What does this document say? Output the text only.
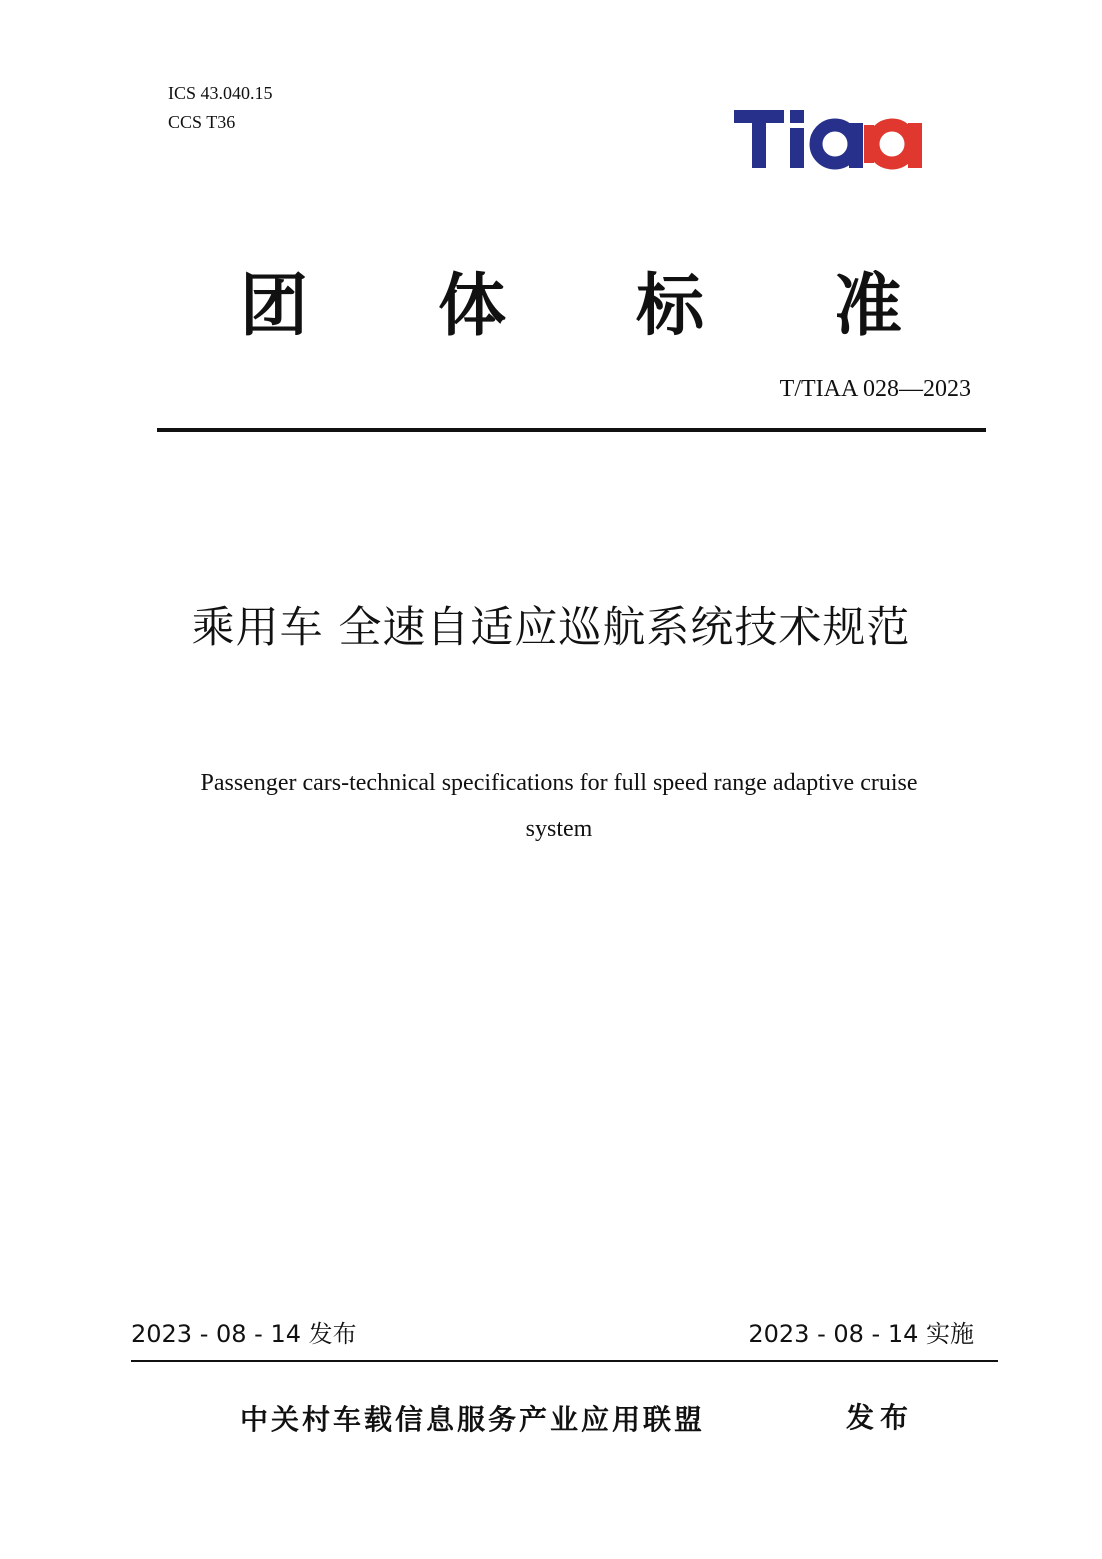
ICS 43.040.15
CCS T36
团 体 标 准
T/TIAA 028—2023
乘用车 全速自适应巡航系统技术规范
Passenger cars-technical specifications for full speed range adaptive cruise
system
2023 - 08 - 14 发布	2023 - 08 - 14 实施
中关村车载信息服务产业应用联盟	发布
